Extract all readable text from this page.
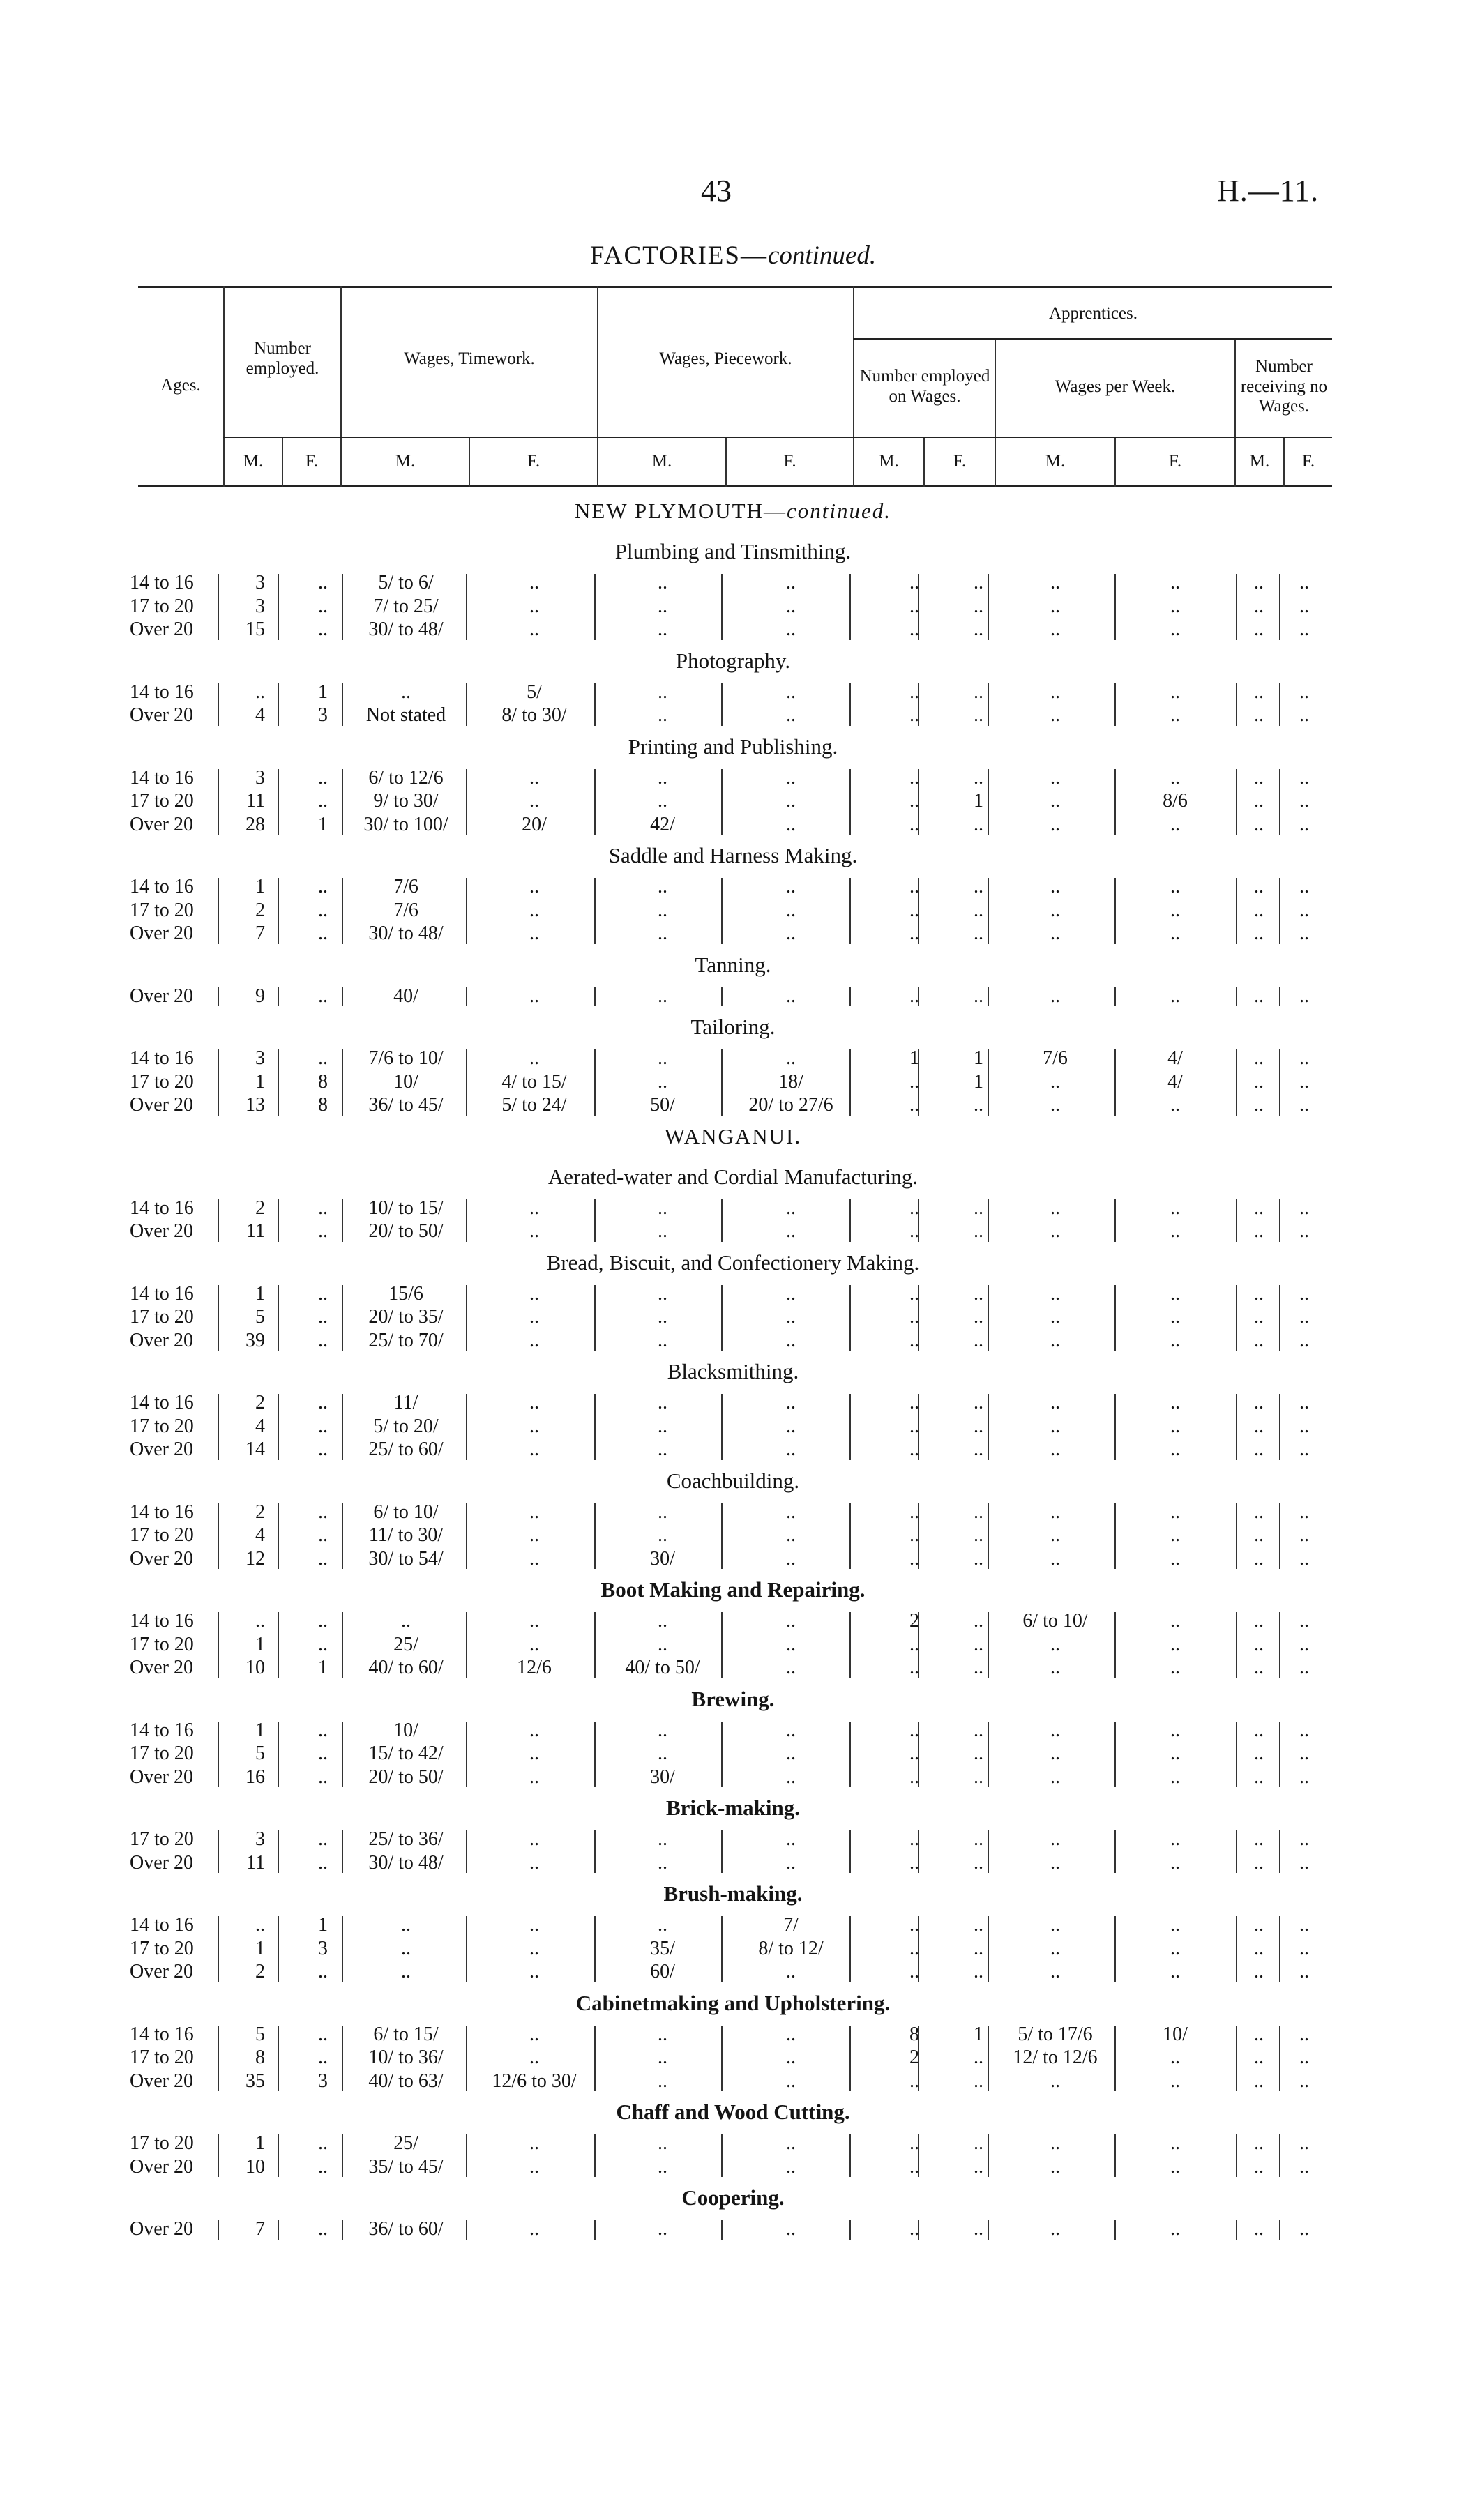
43	H.—11.
FACTORIES—continued.
Ages.
Number employed.
Wages, Timework.	Wages, Piecework.
Apprentices.
Number employed on Wages.
Wages per Week.
Number receiving no Wages.
M.	F.	M.	F.	M.	F.	M.	F.	M.	F.	M.	F.
NEW PLYMOUTH—continued.
Plumbing and Tinsmithing.
14 to 16	3	..	5/ to 6/	..	..	..	..	..	..	..	..	..
17 to 20	3	..	7/ to 25/	..	..	..	..	..	..	..	..	..
Over 20	15	..	30/ to 48/	..	..	..	..	..	..	..	..	..
Photography.
14 to 16	..	1	..	5/	..	..	..	..	..	..	..	..
Over 20	4	3	Not stated	8/ to 30/	..	..	..	..	..	..	..	..
Printing and Publishing.
14 to 16	3	..	6/ to 12/6	..	..	..	..	..	..	..	..	..
17 to 20	11	..	9/ to 30/	..	..	..	..	1	..	8/6	..	..
Over 20	28	1	30/ to 100/	20/	42/	..	..	..	..	..	..	..
Saddle and Harness Making.
14 to 16	1	..	7/6	..	..	..	..	..	..	..	..	..
17 to 20	2	..	7/6	..	..	..	..	..	..	..	..	..
Over 20	7	..	30/ to 48/	..	..	..	..	..	..	..	..	..
Tanning.
Over 20	9	..	40/	..	..	..	..	..	..	..	..	..
Tailoring.
14 to 16	3	..	7/6 to 10/	..	..	..	1	1	7/6	4/	..	..
17 to 20	1	8	10/	4/ to 15/	..	18/	..	1	..	4/	..	..
Over 20	13	8	36/ to 45/	5/ to 24/	50/	20/ to 27/6	..	..	..	..	..	..
WANGANUI.
Aerated-water and Cordial Manufacturing.
14 to 16	2	..	10/ to 15/	..	..	..	..	..	..	..	..	..
Over 20	11	..	20/ to 50/	..	..	..	..	..	..	..	..	..
Bread, Biscuit, and Confectionery Making.
14 to 16	1	..	15/6	..	..	..	..	..	..	..	..	..
17 to 20	5	..	20/ to 35/	..	..	..	..	..	..	..	..	..
Over 20	39	..	25/ to 70/	..	..	..	..	..	..	..	..	..
Blacksmithing.
14 to 16	2	..	11/	..	..	..	..	..	..	..	..	..
17 to 20	4	..	5/ to 20/	..	..	..	..	..	..	..	..	..
Over 20	14	..	25/ to 60/	..	..	..	..	..	..	..	..	..
Coachbuilding.
14 to 16	2	..	6/ to 10/	..	..	..	..	..	..	..	..	..
17 to 20	4	..	11/ to 30/	..	..	..	..	..	..	..	..	..
Over 20	12	..	30/ to 54/	..	30/	..	..	..	..	..	..	..
Boot Making and Repairing.
14 to 16	..	..	..	..	..	..	2	..	6/ to 10/	..	..	..
17 to 20	1	..	25/	..	..	..	..	..	..	..	..	..
Over 20	10	1	40/ to 60/	12/6	40/ to 50/	..	..	..	..	..	..	..
Brewing.
14 to 16	1	..	10/	..	..	..	..	..	..	..	..	..
17 to 20	5	..	15/ to 42/	..	..	..	..	..	..	..	..	..
Over 20	16	..	20/ to 50/	..	30/	..	..	..	..	..	..	..
Brick-making.
17 to 20	3	..	25/ to 36/	..	..	..	..	..	..	..	..	..
Over 20	11	..	30/ to 48/	..	..	..	..	..	..	..	..	..
Brush-making.
14 to 16	..	1	..	..	..	7/	..	..	..	..	..	..
17 to 20	1	3	..	..	35/	8/ to 12/	..	..	..	..	..	..
Over 20	2	..	..	..	60/	..	..	..	..	..	..	..
Cabinetmaking and Upholstering.
14 to 16	5	..	6/ to 15/	..	..	..	8	1	5/ to 17/6	10/	..	..
17 to 20	8	..	10/ to 36/	..	..	..	2	..	12/ to 12/6	..	..	..
Over 20	35	3	40/ to 63/	12/6 to 30/	..	..	..	..	..	..	..	..
Chaff and Wood Cutting.
17 to 20	1	..	25/	..	..	..	..	..	..	..	..	..
Over 20	10	..	35/ to 45/	..	..	..	..	..	..	..	..	..
Coopering.
Over 20	7	..	36/ to 60/	..	..	..	..	..	..	..	..	..
